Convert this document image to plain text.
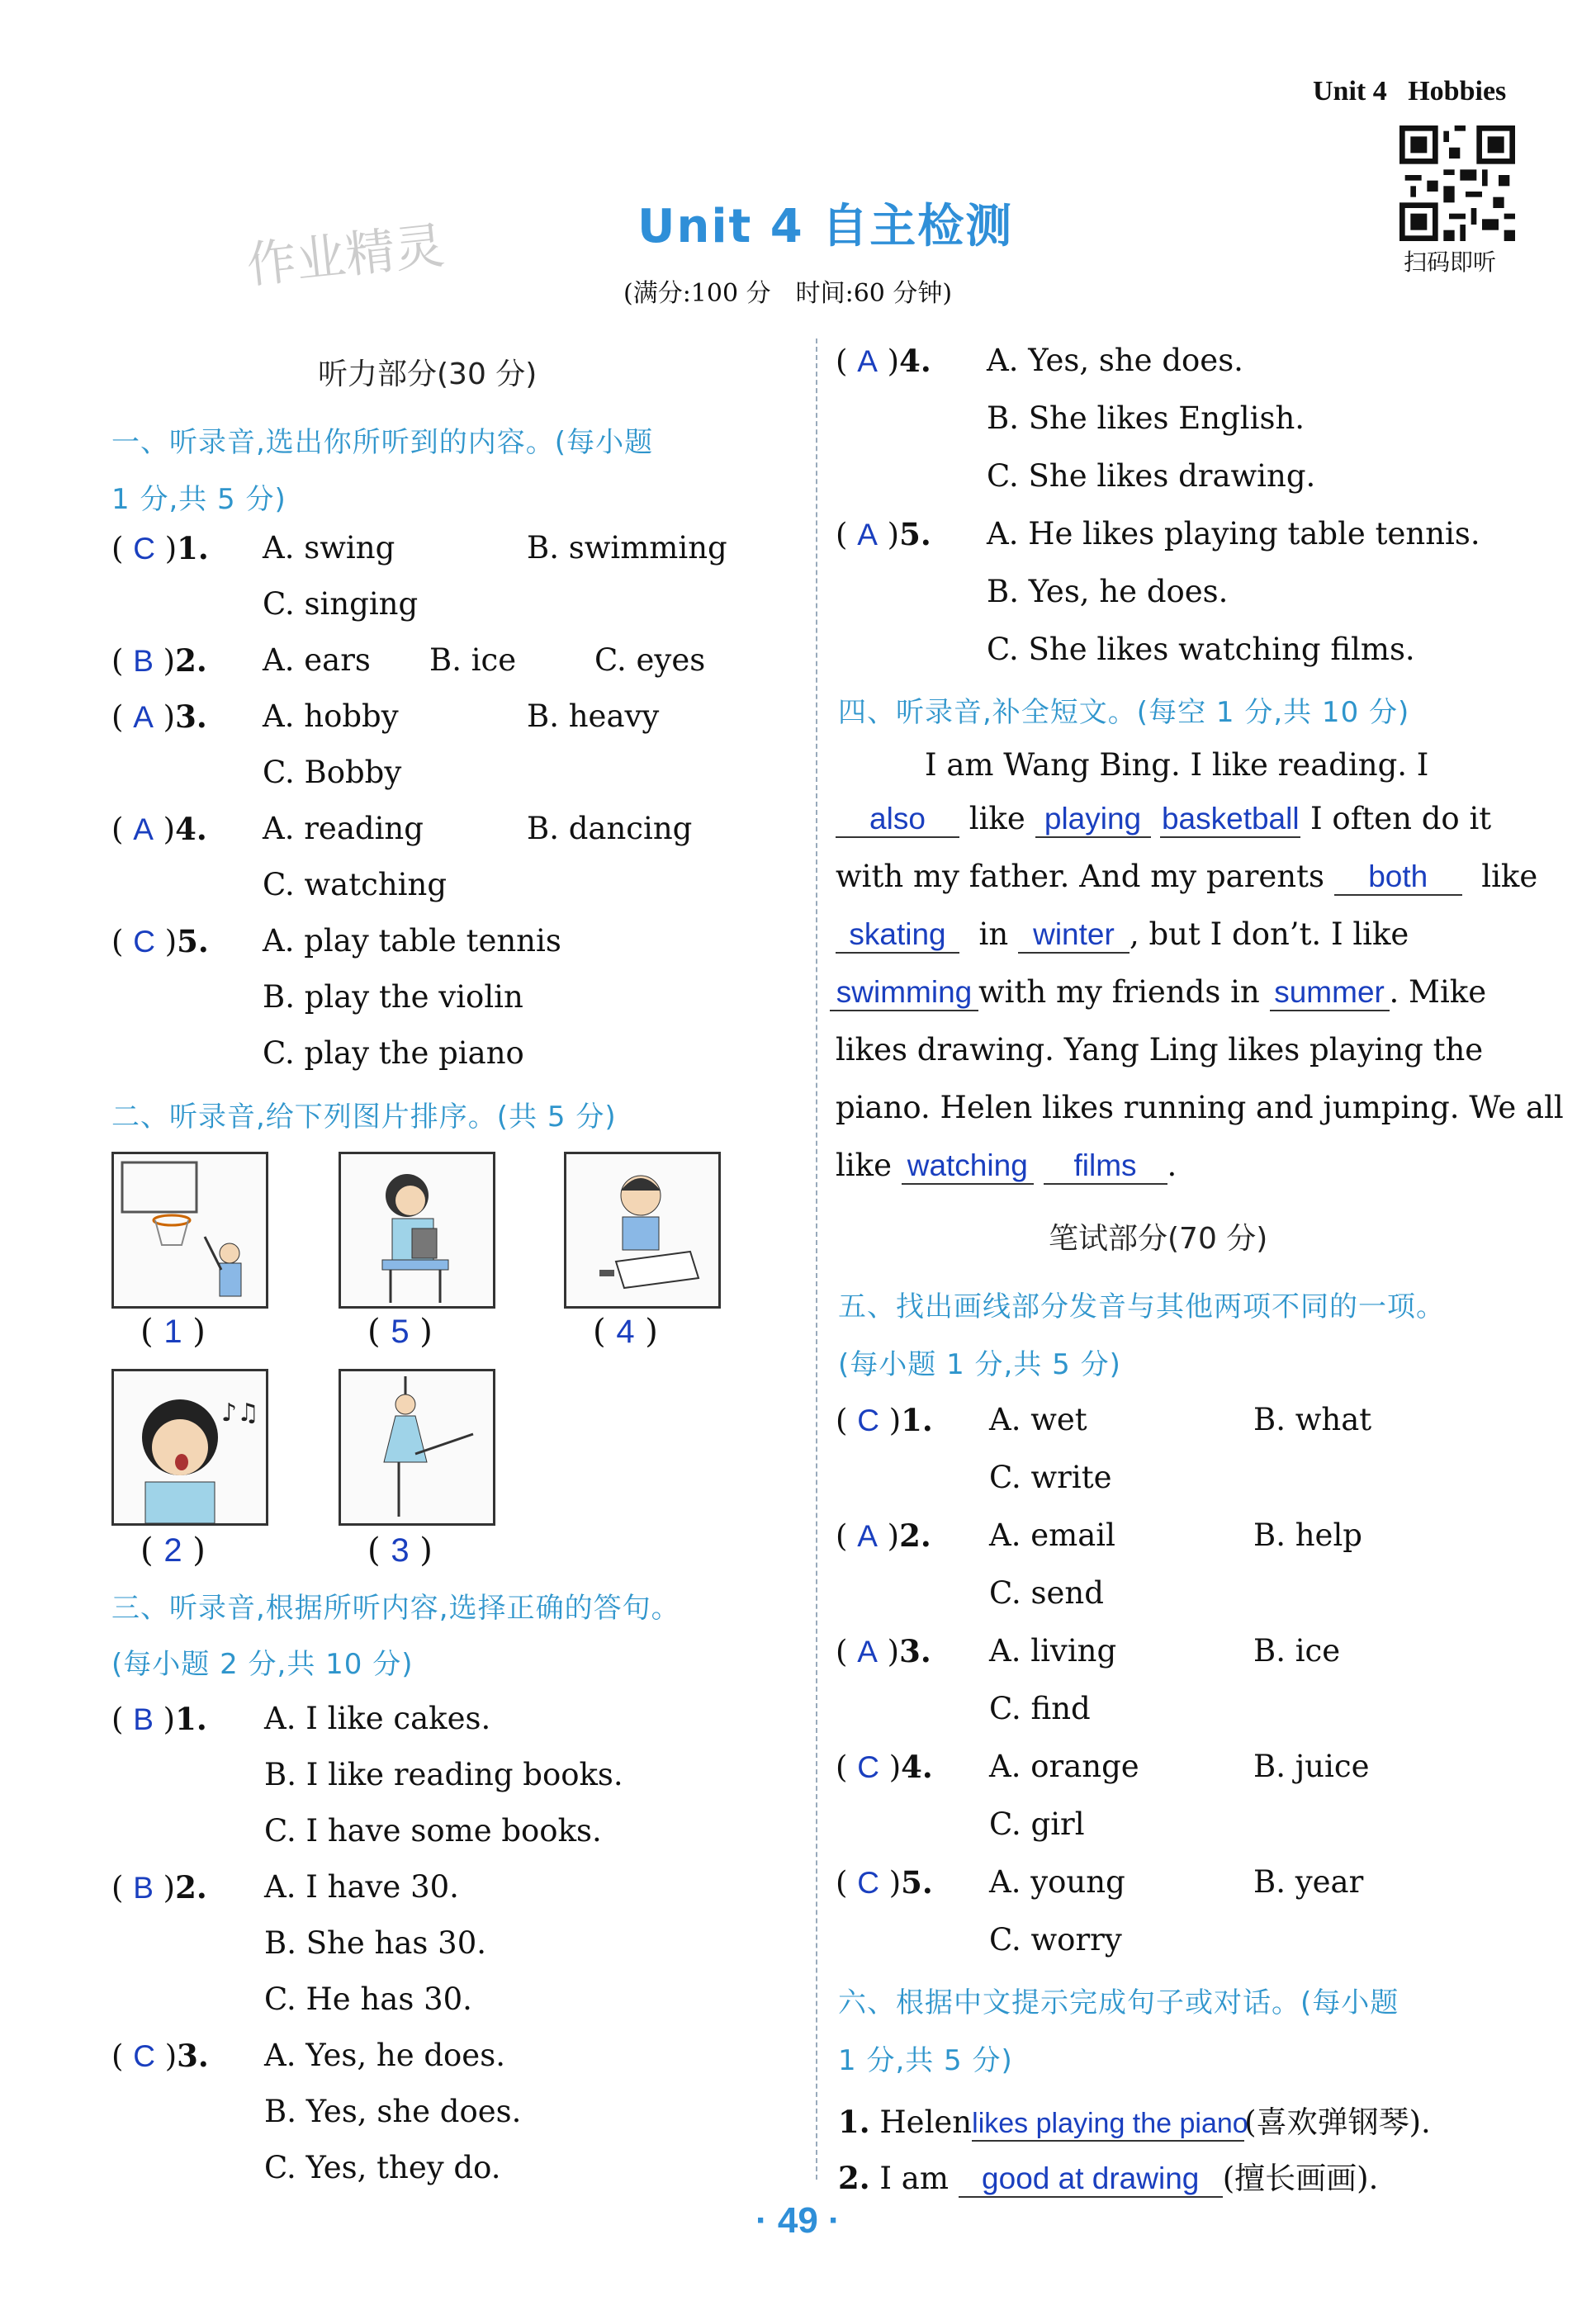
Unit 4 Hobbies
扫码即听
作业精灵	Unit 4 自主检测
(满分:100 分　时间:60 分钟)
听力部分(30 分)
一、听录音,选出你所听到的内容。(每小题
1 分,共 5 分)
( C )1. A. swing	B. swimming
C. singing
( B )2. A. ears B. ice	C. eyes
( A )3. A. hobby	B. heavy
C. Bobby
( A )4. A. reading	B. dancing
C. watching
( C )5. A. play table tennis
B. play the violin
C. play the piano
二、听录音,给下列图片排序。(共 5 分)
( 1 )	( 5 )	( 4 )
♪♫
( 2 )	( 3 )
三、听录音,根据所听内容,选择正确的答句。
(每小题 2 分,共 10 分)
( B )1. A. I like cakes.
B. I like reading books.
C. I have some books.
( B )2. A. I have 30.
B. She has 30.
C. He has 30.
( C )3. A. Yes, he does.
B. Yes, she does.
C. Yes, they do.
( A )4. A. Yes, she does.
B. She likes English.
C. She likes drawing.
( A )5. A. He likes playing table tennis.
B. Yes, he does.
C. She likes watching films.
四、听录音,补全短文。(每空 1 分,共 10 分)
I am Wang Bing. I like reading. I
also like playing basketball I often do it
with my father. And my parents both like
skating in winter , but I don’t. I like
swimming with my friends in summer . Mike
likes drawing. Yang Ling likes playing the
piano. Helen likes running and jumping. We all
like watching films .
笔试部分(70 分)
五、找出画线部分发音与其他两项不同的一项。
(每小题 1 分,共 5 分)
( C )1. A. wet	B. what
C. write
( A )2. A. email	B. help
C. send
( A )3. A. living	B. ice
C. find
( C )4. A. orange	B. juice
C. girl
( C )5. A. young	B. year
C. worry
六、根据中文提示完成句子或对话。(每小题
1 分,共 5 分)
1. Helenlikes playing the piano(喜欢弹钢琴).
2. I am good at drawing (擅长画画).
· 49 ·
